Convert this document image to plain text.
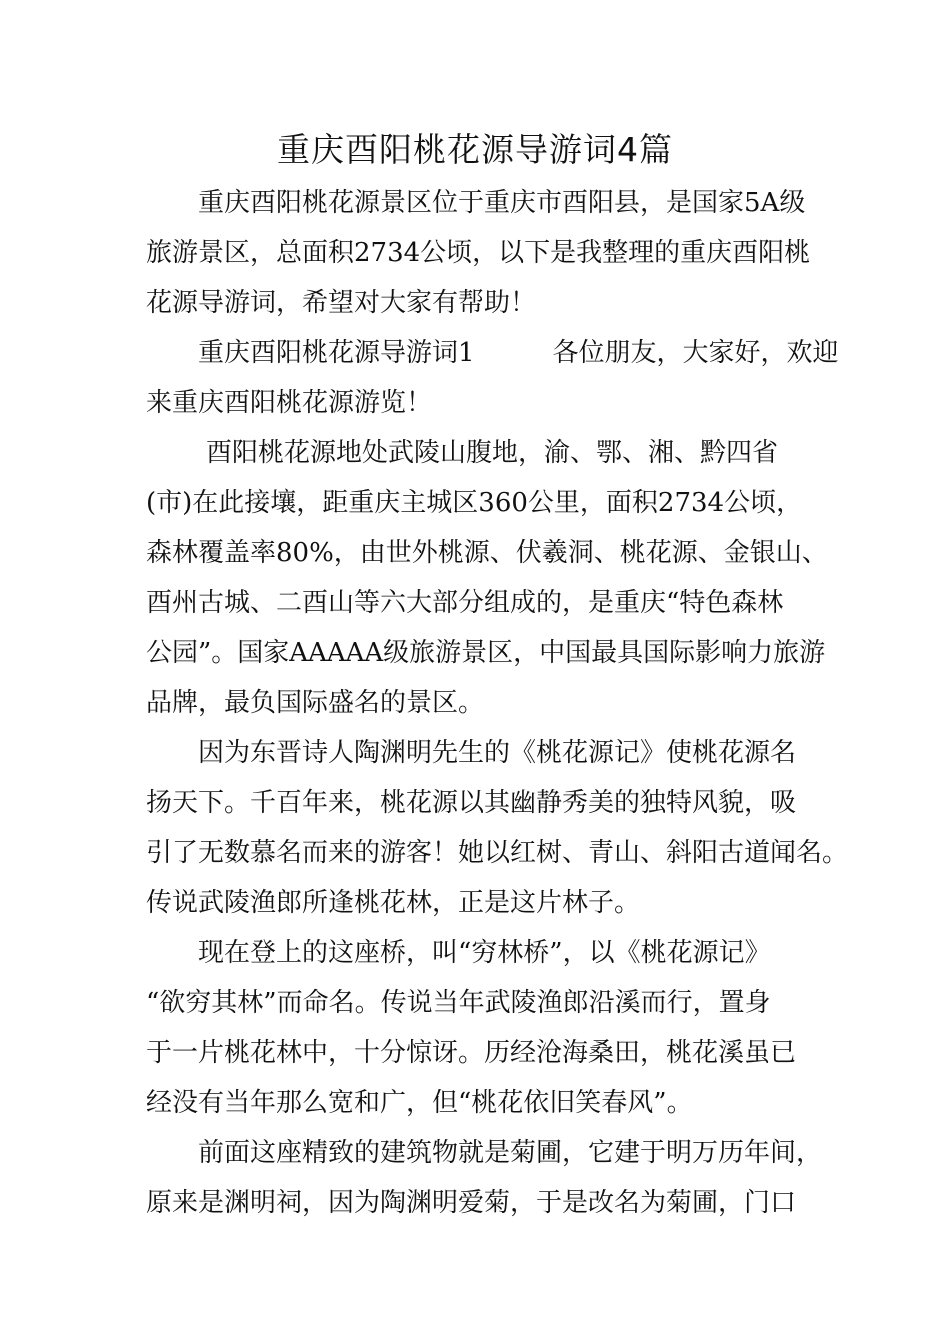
重庆酉阳桃花源导游词4篇

重庆酉阳桃花源景区位于重庆市酉阳县，是国家5A级
旅游景区，总面积2734公顷，以下是我整理的重庆酉阳桃
花源导游词，希望对大家有帮助！

重庆酉阳桃花源导游词1　　　各位朋友，大家好，欢迎
来重庆酉阳桃花源游览！

酉阳桃花源地处武陵山腹地，渝、鄂、湘、黔四省
(市)在此接壤，距重庆主城区360公里，面积2734公顷，
森林覆盖率80%，由世外桃源、伏羲洞、桃花源、金银山、
酉州古城、二酉山等六大部分组成的，是重庆“特色森林
公园”。国家AAAAA级旅游景区，中国最具国际影响力旅游
品牌，最负国际盛名的景区。

因为东晋诗人陶渊明先生的《桃花源记》使桃花源名
扬天下。千百年来，桃花源以其幽静秀美的独特风貌，吸
引了无数慕名而来的游客！她以红树、青山、斜阳古道闻名。
传说武陵渔郎所逢桃花林，正是这片林子。

现在登上的这座桥，叫“穷林桥”，以《桃花源记》
“欲穷其林”而命名。传说当年武陵渔郎沿溪而行，置身
于一片桃花林中，十分惊讶。历经沧海桑田，桃花溪虽已
经没有当年那么宽和广，但“桃花依旧笑春风”。

前面这座精致的建筑物就是菊圃，它建于明万历年间，
原来是渊明祠，因为陶渊明爱菊，于是改名为菊圃，门口
